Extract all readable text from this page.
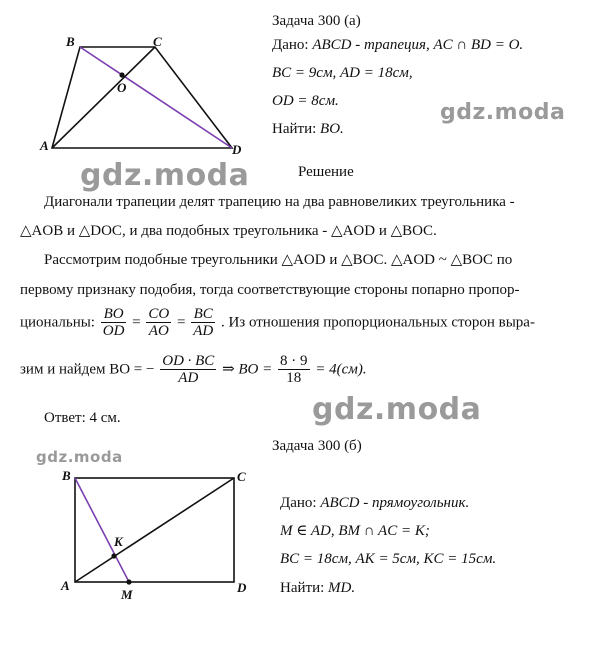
B	C
O
A	D
Задача 300 (а)
Дано: ABCD - трапеция, AC ∩ BD = O.
BC = 9см, AD = 18см,
OD = 8см.
Найти: BO.
gdz.moda
gdz.moda
gdz.moda
gdz.moda
Решение
Диагонали трапеции делят трапецию на два равновеликих треугольника -
△AOB и △DOC, и два подобных треугольника - △AOD и △BOC.
Рассмотрим подобные треугольники △AOD и △BOC. △AOD ~ △BOC по
первому признаку подобия, тогда соответствующие стороны попарно пропор-
циональны: $\frac{BO}{OD} = \frac{CO}{AO} = \frac{BC}{AD}$ . Из отношения пропорциональных сторон выра-
зим и найдем BO = − $\frac{OD \cdot BC}{AD}$ ⇒ BO = $\frac{8 \cdot 9}{18} = 4(см)$.
Ответ: 4 см.
Задача 300 (б)
B	C
K
A
M	D
Дано: ABCD - прямоугольник.
M ∈ AD, BM ∩ AC = K;
BC = 18см, AK = 5см, KC = 15см.
Найти: MD.
